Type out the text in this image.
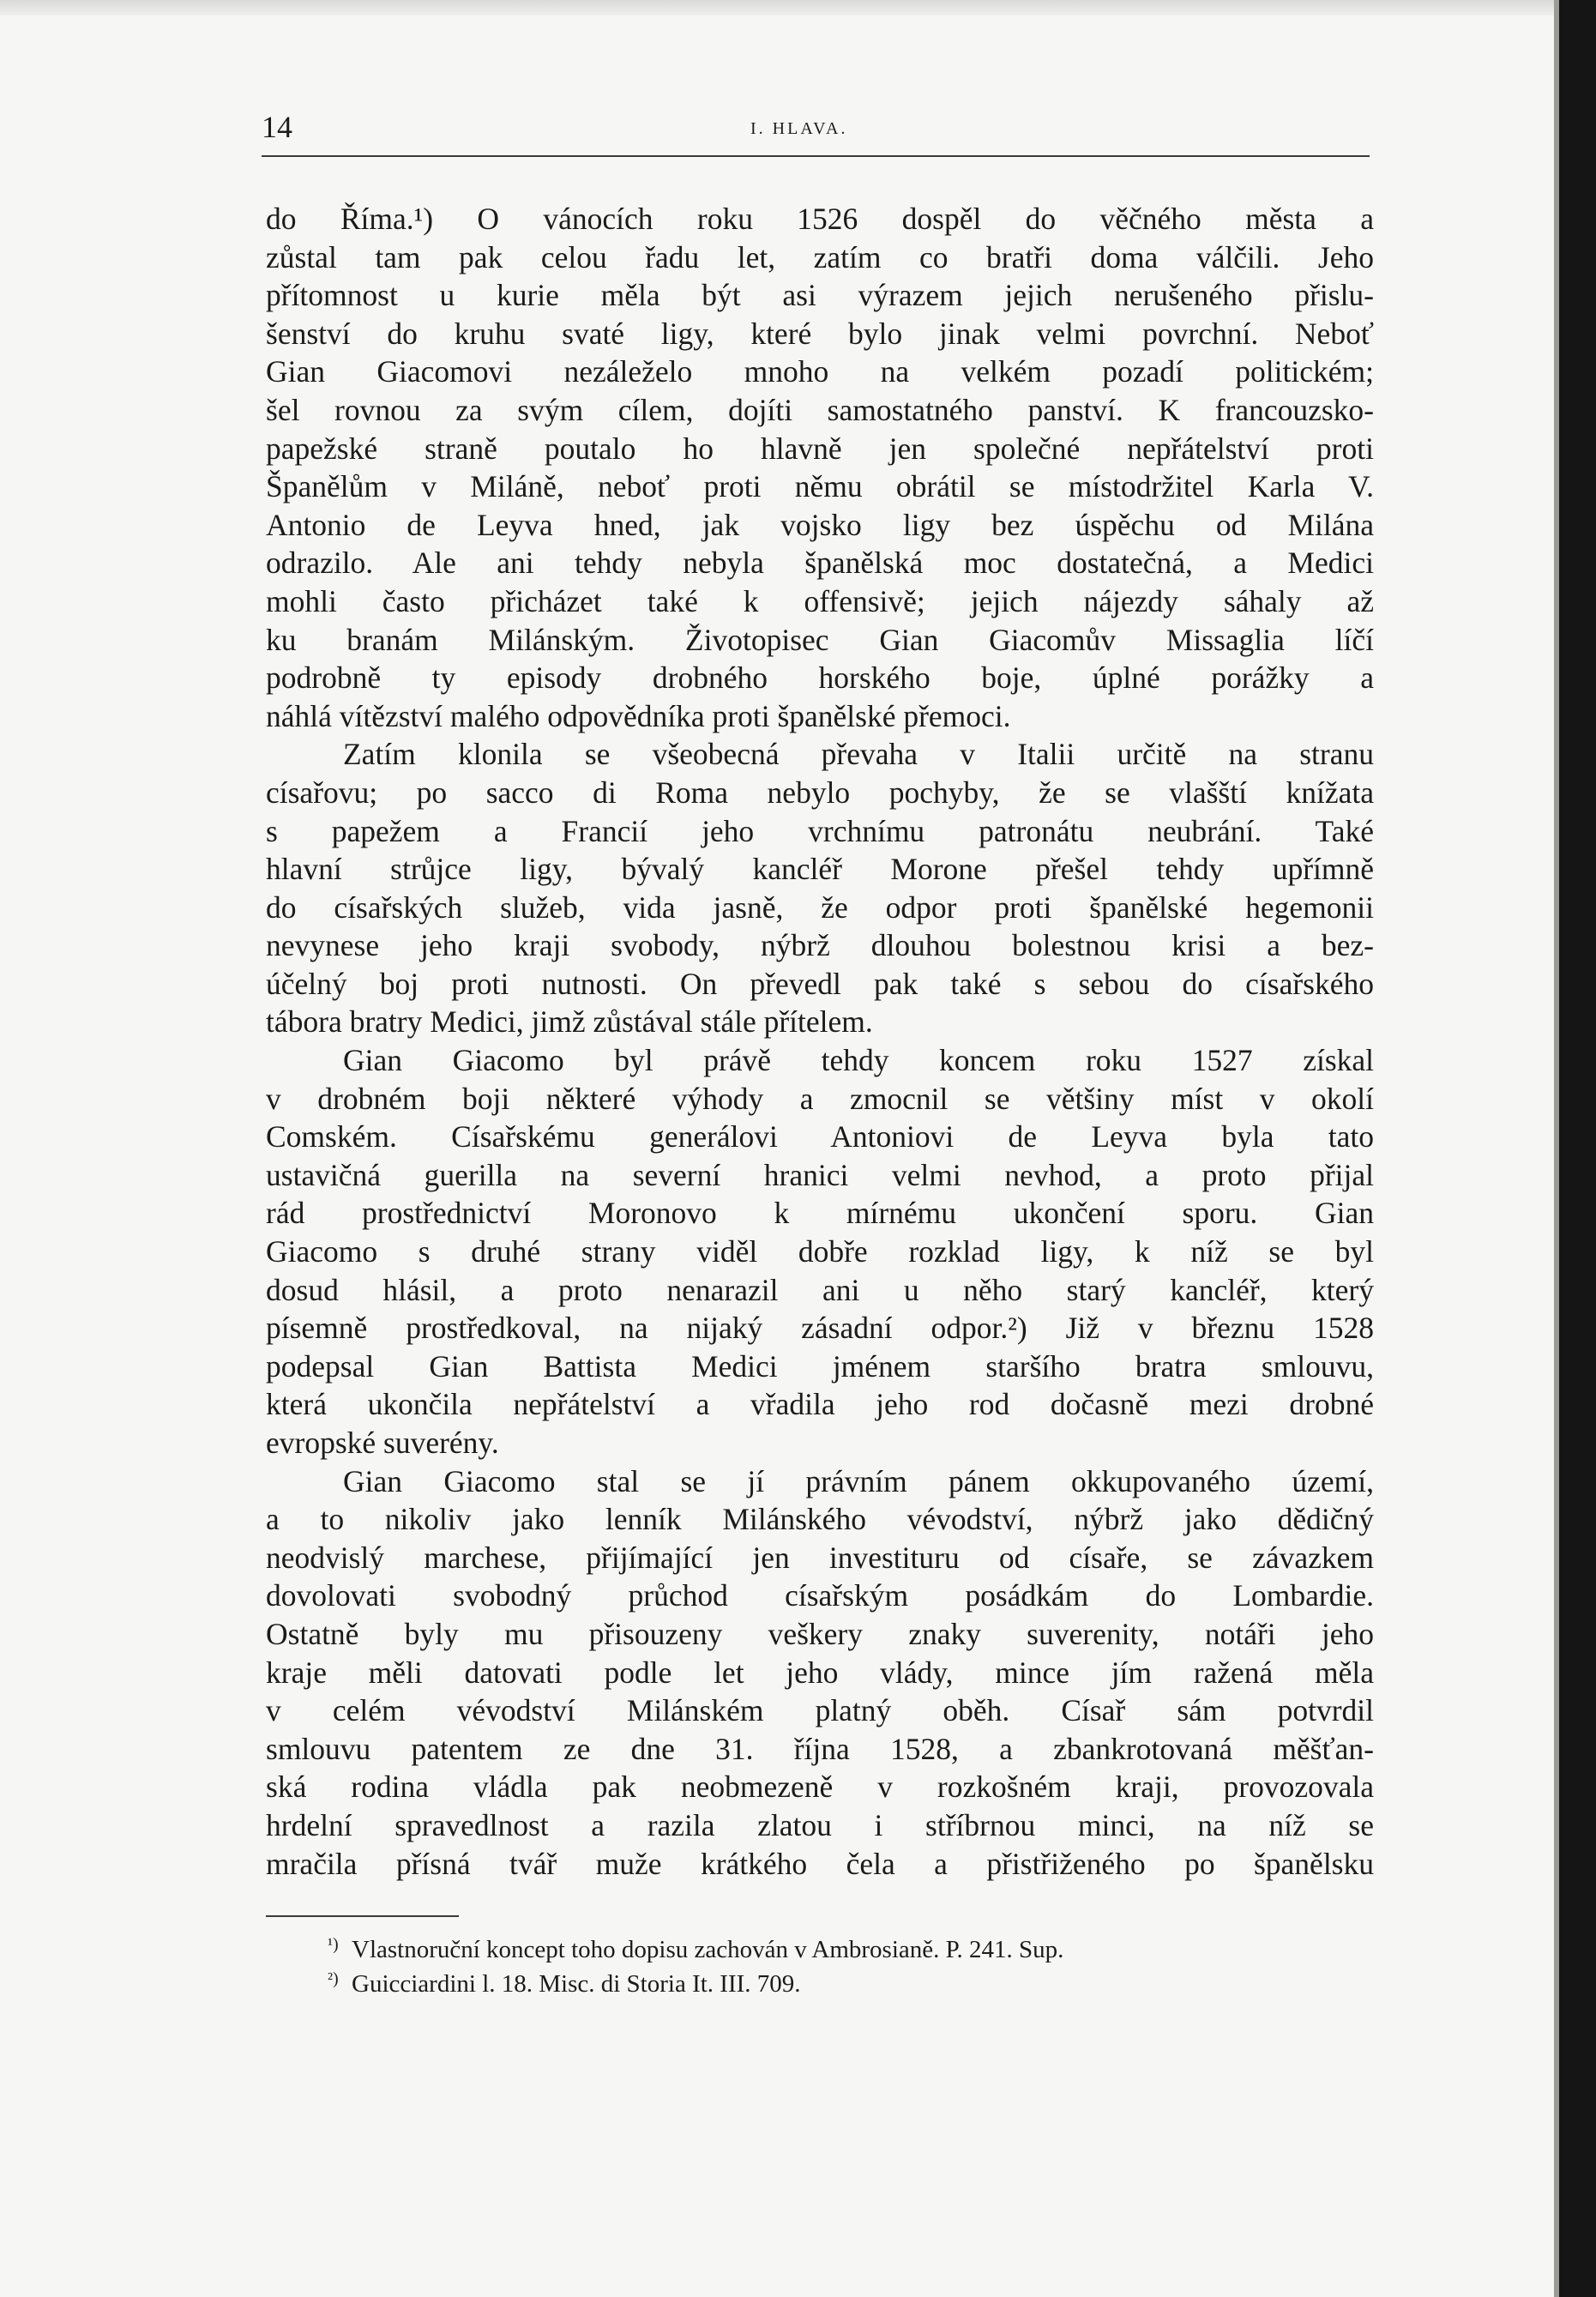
14	I. HLAVA.
do Říma.¹) O vánocích roku 1526 dospěl do věčného města a
zůstal tam pak celou řadu let, zatím co bratři doma válčili. Jeho
přítomnost u kurie měla být asi výrazem jejich nerušeného přislu-
šenství do kruhu svaté ligy, které bylo jinak velmi povrchní. Neboť
Gian Giacomovi nezáleželo mnoho na velkém pozadí politickém;
šel rovnou za svým cílem, dojíti samostatného panství. K francouzsko-
papežské straně poutalo ho hlavně jen společné nepřátelství proti
Španělům v Miláně, neboť proti němu obrátil se místodržitel Karla V.
Antonio de Leyva hned, jak vojsko ligy bez úspěchu od Milána
odrazilo. Ale ani tehdy nebyla španělská moc dostatečná, a Medici
mohli často přicházet také k offensivě; jejich nájezdy sáhaly až
ku branám Milánským. Životopisec Gian Giacomův Missaglia líčí
podrobně ty episody drobného horského boje, úplné porážky a
náhlá vítězství malého odpovědníka proti španělské přemoci.
Zatím klonila se všeobecná převaha v Italii určitě na stranu
císařovu; po sacco di Roma nebylo pochyby, že se vlašští knížata
s papežem a Francií jeho vrchnímu patronátu neubrání. Také
hlavní strůjce ligy, bývalý kancléř Morone přešel tehdy upřímně
do císařských služeb, vida jasně, že odpor proti španělské hegemonii
nevynese jeho kraji svobody, nýbrž dlouhou bolestnou krisi a bez-
účelný boj proti nutnosti. On převedl pak také s sebou do císařského
tábora bratry Medici, jimž zůstával stále přítelem.
Gian Giacomo byl právě tehdy koncem roku 1527 získal
v drobném boji některé výhody a zmocnil se většiny míst v okolí
Comském. Císařskému generálovi Antoniovi de Leyva byla tato
ustavičná guerilla na severní hranici velmi nevhod, a proto přijal
rád prostřednictví Moronovo k mírnému ukončení sporu. Gian
Giacomo s druhé strany viděl dobře rozklad ligy, k níž se byl
dosud hlásil, a proto nenarazil ani u něho starý kancléř, který
písemně prostředkoval, na nijaký zásadní odpor.²) Již v březnu 1528
podepsal Gian Battista Medici jménem staršího bratra smlouvu,
která ukončila nepřátelství a vřadila jeho rod dočasně mezi drobné
evropské suverény.
Gian Giacomo stal se jí právním pánem okkupovaného území,
a to nikoliv jako lenník Milánského vévodství, nýbrž jako dědičný
neodvislý marchese, přijímající jen investituru od císaře, se závazkem
dovolovati svobodný průchod císařským posádkám do Lombardie.
Ostatně byly mu přisouzeny veškery znaky suverenity, notáři jeho
kraje měli datovati podle let jeho vlády, mince jím ražená měla
v celém vévodství Milánském platný oběh. Císař sám potvrdil
smlouvu patentem ze dne 31. října 1528, a zbankrotovaná měšťan-
ská rodina vládla pak neobmezeně v rozkošném kraji, provozovala
hrdelní spravedlnost a razila zlatou i stříbrnou minci, na níž se
mračila přísná tvář muže krátkého čela a přistřiženého po španělsku
¹) Vlastnoruční koncept toho dopisu zachován v Ambrosianě. P. 241. Sup.
²) Guicciardini l. 18. Misc. di Storia It. III. 709.
